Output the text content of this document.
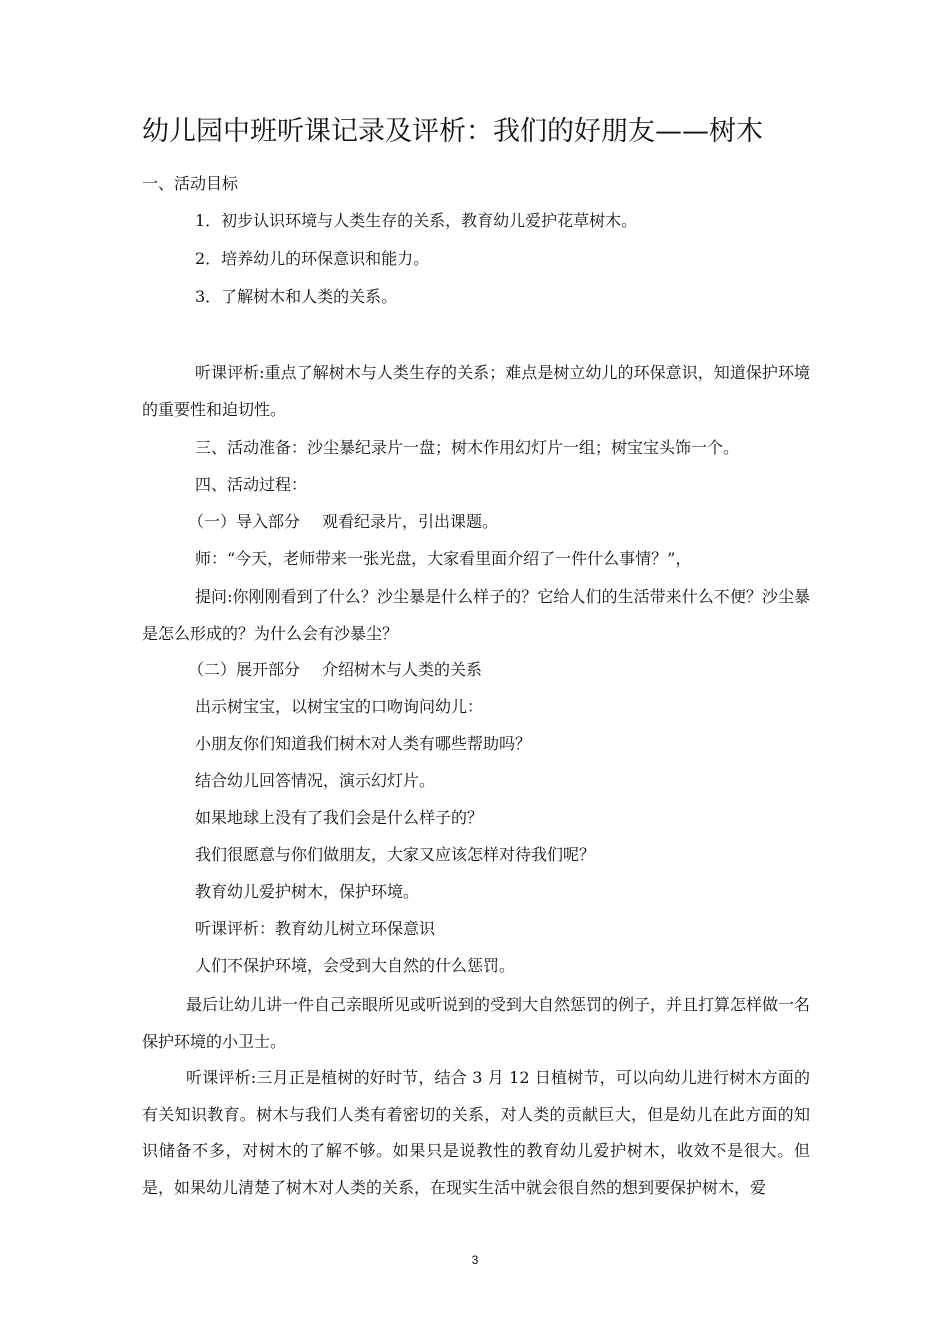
幼儿园中班听课记录及评析：我们的好朋友——树木
一、活动目标
1．初步认识环境与人类生存的关系，教育幼儿爱护花草树木。
2．培养幼儿的环保意识和能力。
3．了解树木和人类的关系。
听课评析:重点了解树木与人类生存的关系；难点是树立幼儿的环保意识，知道保护环境的重要性和迫切性。
三、活动准备：沙尘暴纪录片一盘；树木作用幻灯片一组；树宝宝头饰一个。
四、活动过程：
（一）导入部分 观看纪录片，引出课题。
师：“今天，老师带来一张光盘，大家看里面介绍了一件什么事情？”，
提问:你刚刚看到了什么？沙尘暴是什么样子的？它给人们的生活带来什么不便？沙尘暴是怎么形成的？为什么会有沙暴尘？
（二）展开部分 介绍树木与人类的关系
出示树宝宝，以树宝宝的口吻询问幼儿：
小朋友你们知道我们树木对人类有哪些帮助吗？
结合幼儿回答情况，演示幻灯片。
如果地球上没有了我们会是什么样子的？
我们很愿意与你们做朋友，大家又应该怎样对待我们呢？
教育幼儿爱护树木，保护环境。
听课评析：教育幼儿树立环保意识
人们不保护环境，会受到大自然的什么惩罚。
最后让幼儿讲一件自己亲眼所见或听说到的受到大自然惩罚的例子，并且打算怎样做一名保护环境的小卫士。
听课评析:三月正是植树的好时节，结合 3 月 12 日植树节，可以向幼儿进行树木方面的有关知识教育。树木与我们人类有着密切的关系，对人类的贡献巨大，但是幼儿在此方面的知识储备不多，对树木的了解不够。如果只是说教性的教育幼儿爱护树木，收效不是很大。但是，如果幼儿清楚了树木对人类的关系，在现实生活中就会很自然的想到要保护树木，爱
3
